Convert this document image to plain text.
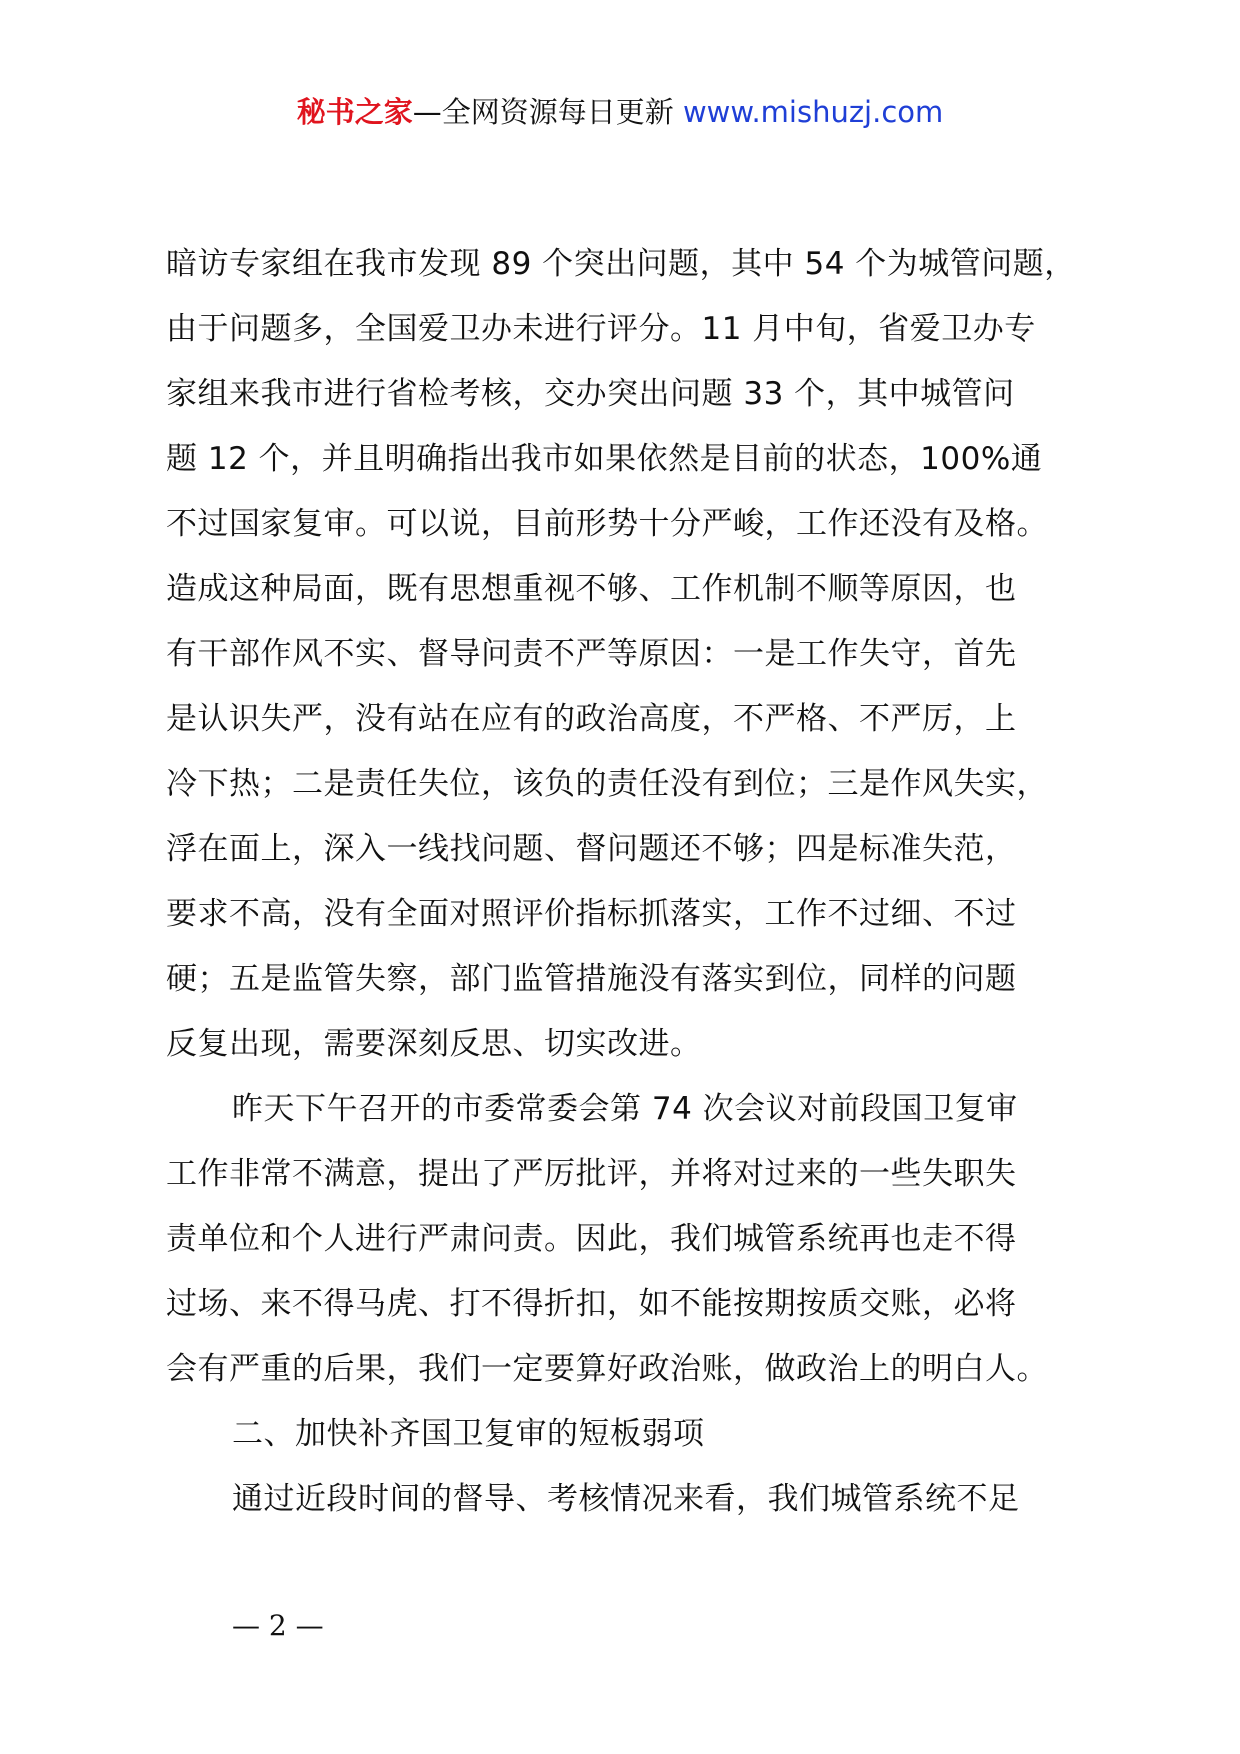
秘书之家—全网资源每日更新 www.mishuzj.com
暗访专家组在我市发现 89 个突出问题，其中 54 个为城管问题，
由于问题多，全国爱卫办未进行评分。11 月中旬，省爱卫办专
家组来我市进行省检考核，交办突出问题 33 个，其中城管问
题 12 个，并且明确指出我市如果依然是目前的状态，100%通
不过国家复审。可以说，目前形势十分严峻，工作还没有及格。
造成这种局面，既有思想重视不够、工作机制不顺等原因，也
有干部作风不实、督导问责不严等原因：一是工作失守，首先
是认识失严，没有站在应有的政治高度，不严格、不严厉，上
冷下热；二是责任失位，该负的责任没有到位；三是作风失实，
浮在面上，深入一线找问题、督问题还不够；四是标准失范，
要求不高，没有全面对照评价指标抓落实，工作不过细、不过
硬；五是监管失察，部门监管措施没有落实到位，同样的问题
反复出现，需要深刻反思、切实改进。
昨天下午召开的市委常委会第 74 次会议对前段国卫复审
工作非常不满意，提出了严厉批评，并将对过来的一些失职失
责单位和个人进行严肃问责。因此，我们城管系统再也走不得
过场、来不得马虎、打不得折扣，如不能按期按质交账，必将
会有严重的后果，我们一定要算好政治账，做政治上的明白人。
二、加快补齐国卫复审的短板弱项
通过近段时间的督导、考核情况来看，我们城管系统不足
— 2 —
